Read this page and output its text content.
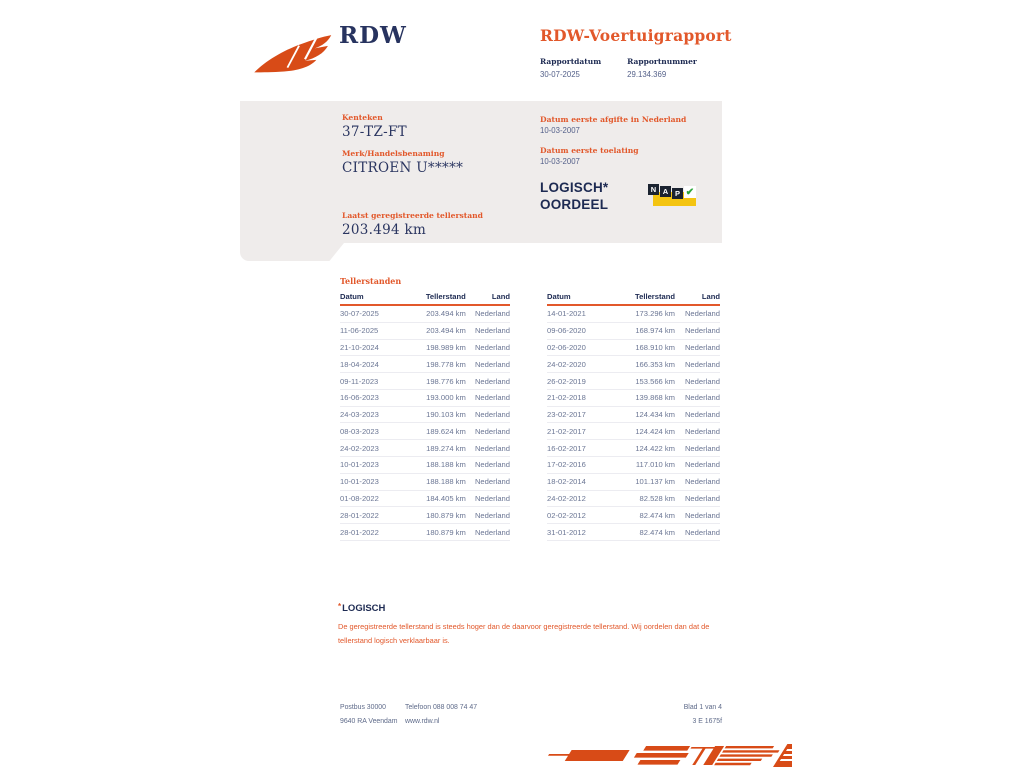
RDW	RDW-Voertuigrapport
Rapportdatum
30-07-2025
Rapportnummer
29.134.369

Kenteken

37-TZ-FT

Merk/Handelsbenaming

CITROEN U*****

Laatst geregistreerde tellerstand

203.494 km

Datum eerste afgifte in Nederland

10-03-2007

Datum eerste toelating

10-03-2007

LOGISCH*
OORDEEL
N A P ✔
Tellerstanden
Datum	Tellerstand	Land
30-07-2025	203.494 km	Nederland
11-06-2025	203.494 km	Nederland
21-10-2024	198.989 km	Nederland
18-04-2024	198.778 km	Nederland
09-11-2023	198.776 km	Nederland
16-06-2023	193.000 km	Nederland
24-03-2023	190.103 km	Nederland
08-03-2023	189.624 km	Nederland
24-02-2023	189.274 km	Nederland
10-01-2023	188.188 km	Nederland
10-01-2023	188.188 km	Nederland
01-08-2022	184.405 km	Nederland
28-01-2022	180.879 km	Nederland
28-01-2022	180.879 km	Nederland
Datum	Tellerstand	Land
14-01-2021	173.296 km	Nederland
09-06-2020	168.974 km	Nederland
02-06-2020	168.910 km	Nederland
24-02-2020	166.353 km	Nederland
26-02-2019	153.566 km	Nederland
21-02-2018	139.868 km	Nederland
23-02-2017	124.434 km	Nederland
21-02-2017	124.424 km	Nederland
16-02-2017	124.422 km	Nederland
17-02-2016	117.010 km	Nederland
18-02-2014	101.137 km	Nederland
24-02-2012	82.528 km	Nederland
02-02-2012	82.474 km	Nederland
31-01-2012	82.474 km	Nederland

*LOGISCH

De geregistreerde tellerstand is steeds hoger dan de daarvoor geregistreerde tellerstand. Wij oordelen dan dat de tellerstand logisch verklaarbaar is.

Postbus 30000
9640 RA Veendam
Telefoon 088 008 74 47
www.rdw.nl
Blad 1 van 4
3 E 1675f
